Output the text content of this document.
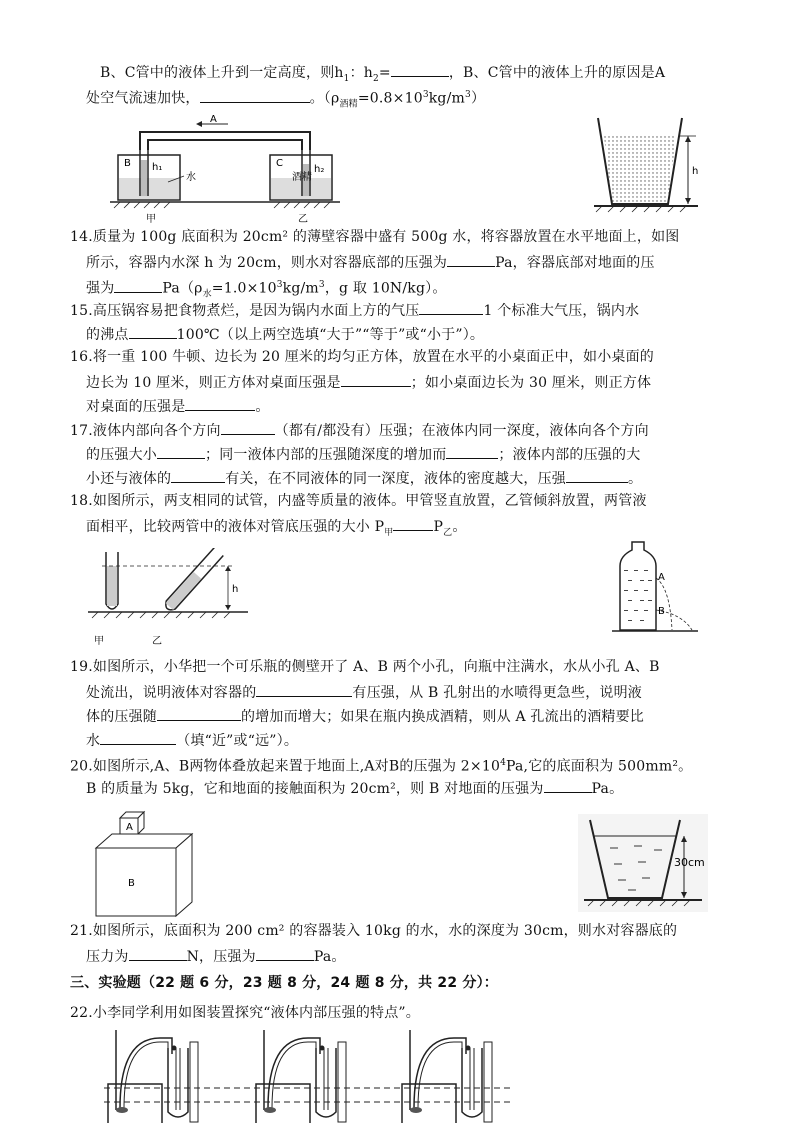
B、C管中的液体上升到一定高度，则$h_1$：$h_2=$	，B、C管中的液体上升的原因是A
处空气流速加快，	。$(\rho_{酒精}=0.8\times 10^3kg/m^3)$
A
B h₁
水
C
h₂
酒精
甲	乙
h
14.质量为 100g 底面积为 20cm² 的薄壁容器中盛有 500g 水，将容器放置在水平地面上，如图
所示，容器内水深 h 为 20cm，则水对容器底部的压强为	Pa，容器底部对地面的压
强为	$Pa(\rho_水=1.0\times 10^3kg/m^3$，g 取 10N/kg）。
15.高压锅容易把食物煮烂，是因为锅内水面上方的气压	1 个标准大气压，锅内水
的沸点	100℃（以上两空选填“大于”“等于”或“小于”）。
16.将一重 100 牛顿、边长为 20 厘米的均匀正方体，放置在水平的小桌面正中，如小桌面的
边长为 10 厘米，则正方体对桌面压强是	；如小桌面边长为 30 厘米，则正方体
对桌面的压强是	。
17.液体内部向各个方向	（都有/都没有）压强；在液体内同一深度，液体向各个方向
的压强大小	；同一液体内部的压强随深度的增加而	；液体内部的压强的大
小还与液体的	有关，在不同液体的同一深度，液体的密度越大，压强	。
18.如图所示，两支相同的试管，内盛等质量的液体。甲管竖直放置，乙管倾斜放置，两管液
面相平，比较两管中的液体对管底压强的大小 $P_甲$	$P_乙$。
h
甲	乙
A
B
19.如图所示，小华把一个可乐瓶的侧壁开了 A、B 两个小孔，向瓶中注满水，水从小孔 A、B
处流出，说明液体对容器的	有压强，从 B 孔射出的水喷得更急些，说明液
体的压强随	的增加而增大；如果在瓶内换成酒精，则从 A 孔流出的酒精要比
水	（填“近”或“远”）。
20.如图所示,A、B两物体叠放起来置于地面上,A对B的压强为 $2\times 10^4Pa$,它的底面积为 500mm²。
B 的质量为 5kg，它和地面的接触面积为 20cm²，则 B 对地面的压强为	Pa。
A
B
30cm
21.如图所示，底面积为 200 cm² 的容器装入 10kg 的水，水的深度为 30cm，则水对容器底的
压力为	N，压强为	Pa。
三、实验题（22 题 6 分，23 题 8 分，24 题 8 分，共 22 分）：
22.小李同学利用如图装置探究“液体内部压强的特点”。
